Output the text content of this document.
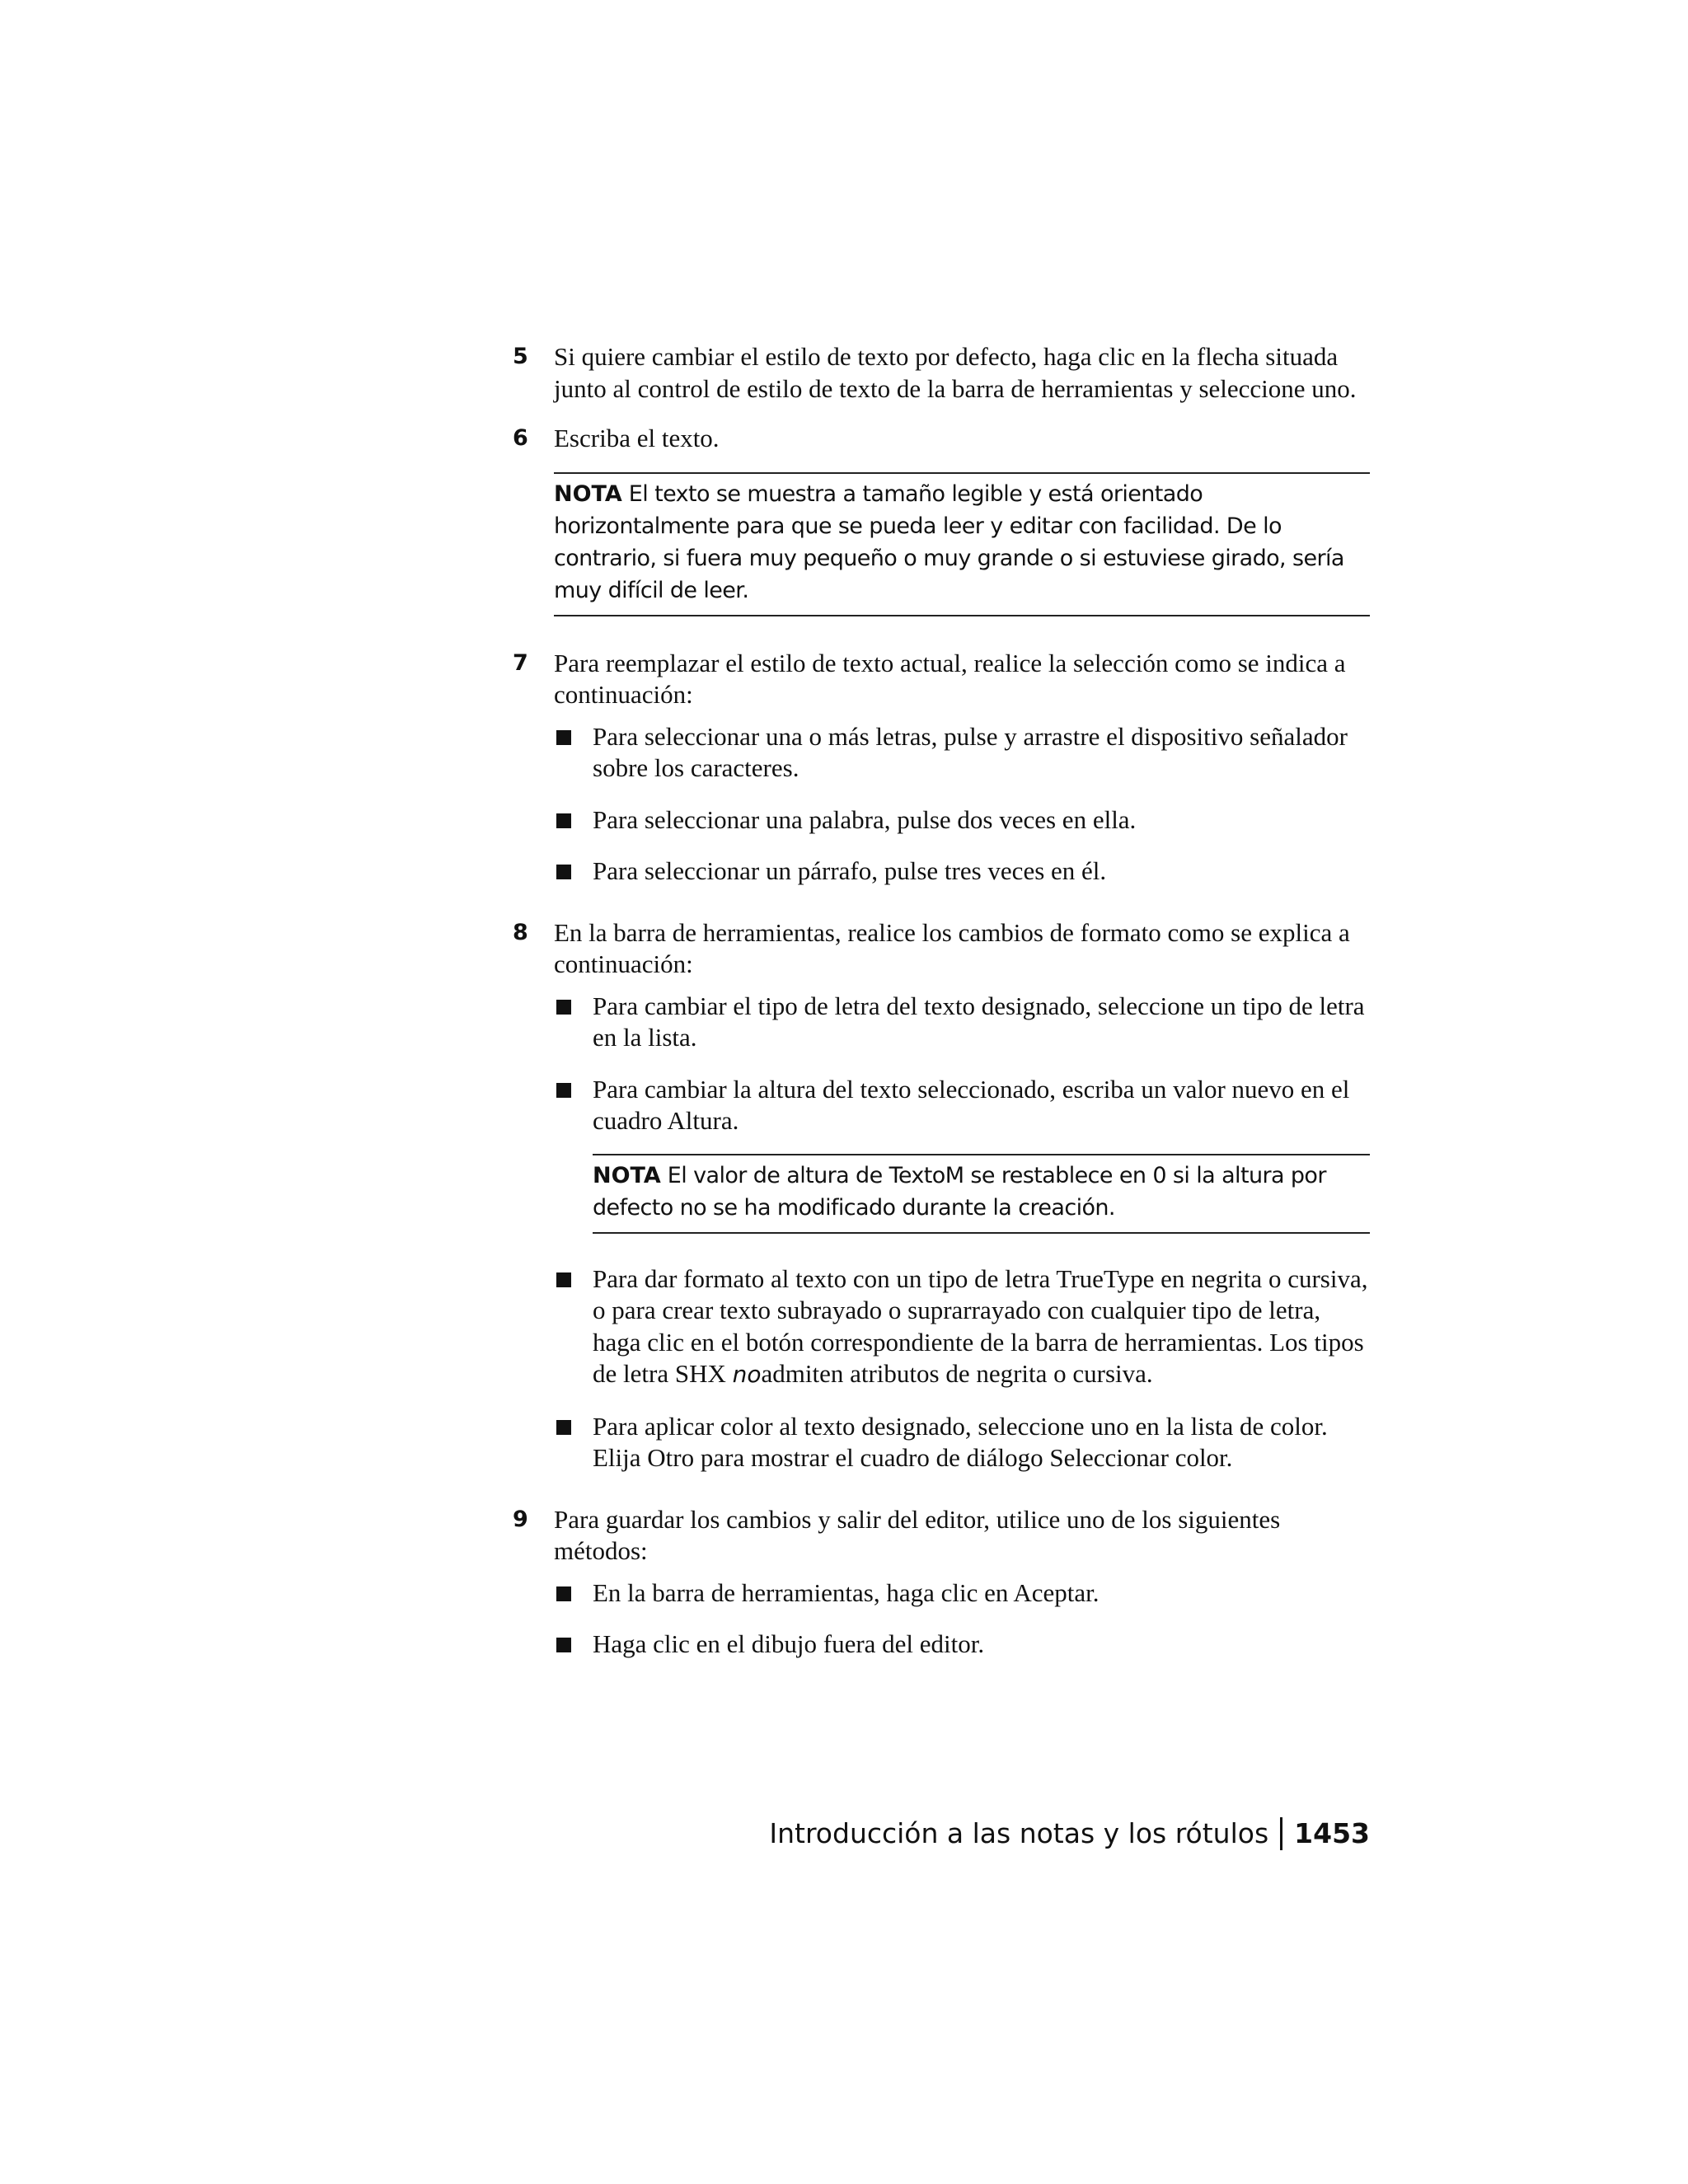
5 Si quiere cambiar el estilo de texto por defecto, haga clic en la flecha situada junto al control de estilo de texto de la barra de herramientas y seleccione uno.

6 Escriba el texto.

NOTA El texto se muestra a tamaño legible y está orientado horizontalmente para que se pueda leer y editar con facilidad. De lo contrario, si fuera muy pequeño o muy grande o si estuviese girado, sería muy difícil de leer.
7 Para reemplazar el estilo de texto actual, realice la selección como se indica a continuación:

Para seleccionar una o más letras, pulse y arrastre el dispositivo señalador sobre los caracteres.
Para seleccionar una palabra, pulse dos veces en ella.
Para seleccionar un párrafo, pulse tres veces en él.
8 En la barra de herramientas, realice los cambios de formato como se explica a continuación:

Para cambiar el tipo de letra del texto designado, seleccione un tipo de letra en la lista.
Para cambiar la altura del texto seleccionado, escriba un valor nuevo en el cuadro Altura.
NOTA El valor de altura de TextoM se restablece en 0 si la altura por defecto no se ha modificado durante la creación.
Para dar formato al texto con un tipo de letra TrueType en negrita o cursiva, o para crear texto subrayado o suprarrayado con cualquier tipo de letra, haga clic en el botón correspondiente de la barra de herramientas. Los tipos de letra SHX noadmiten atributos de negrita o cursiva.
Para aplicar color al texto designado, seleccione uno en la lista de color. Elija Otro para mostrar el cuadro de diálogo Seleccionar color.
9 Para guardar los cambios y salir del editor, utilice uno de los siguientes métodos:

En la barra de herramientas, haga clic en Aceptar.
Haga clic en el dibujo fuera del editor.
Introducción a las notas y los rótulos 1453
